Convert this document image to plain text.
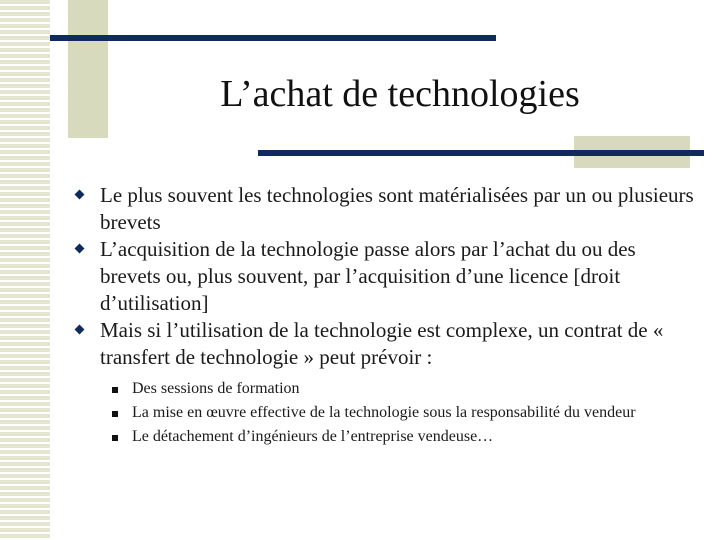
L’achat de technologies

Le plus souvent les technologies sont matérialisées par un ou plusieurs brevets

L’acquisition de la technologie passe alors par l’achat du ou des brevets ou, plus souvent, par l’acquisition d’une licence [droit d’utilisation]

Mais si l’utilisation de la technologie est complexe, un contrat de « transfert de technologie » peut prévoir :

Des sessions de formation

La mise en œuvre effective de la technologie sous la responsabilité du vendeur

Le détachement d’ingénieurs de l’entreprise vendeuse…
